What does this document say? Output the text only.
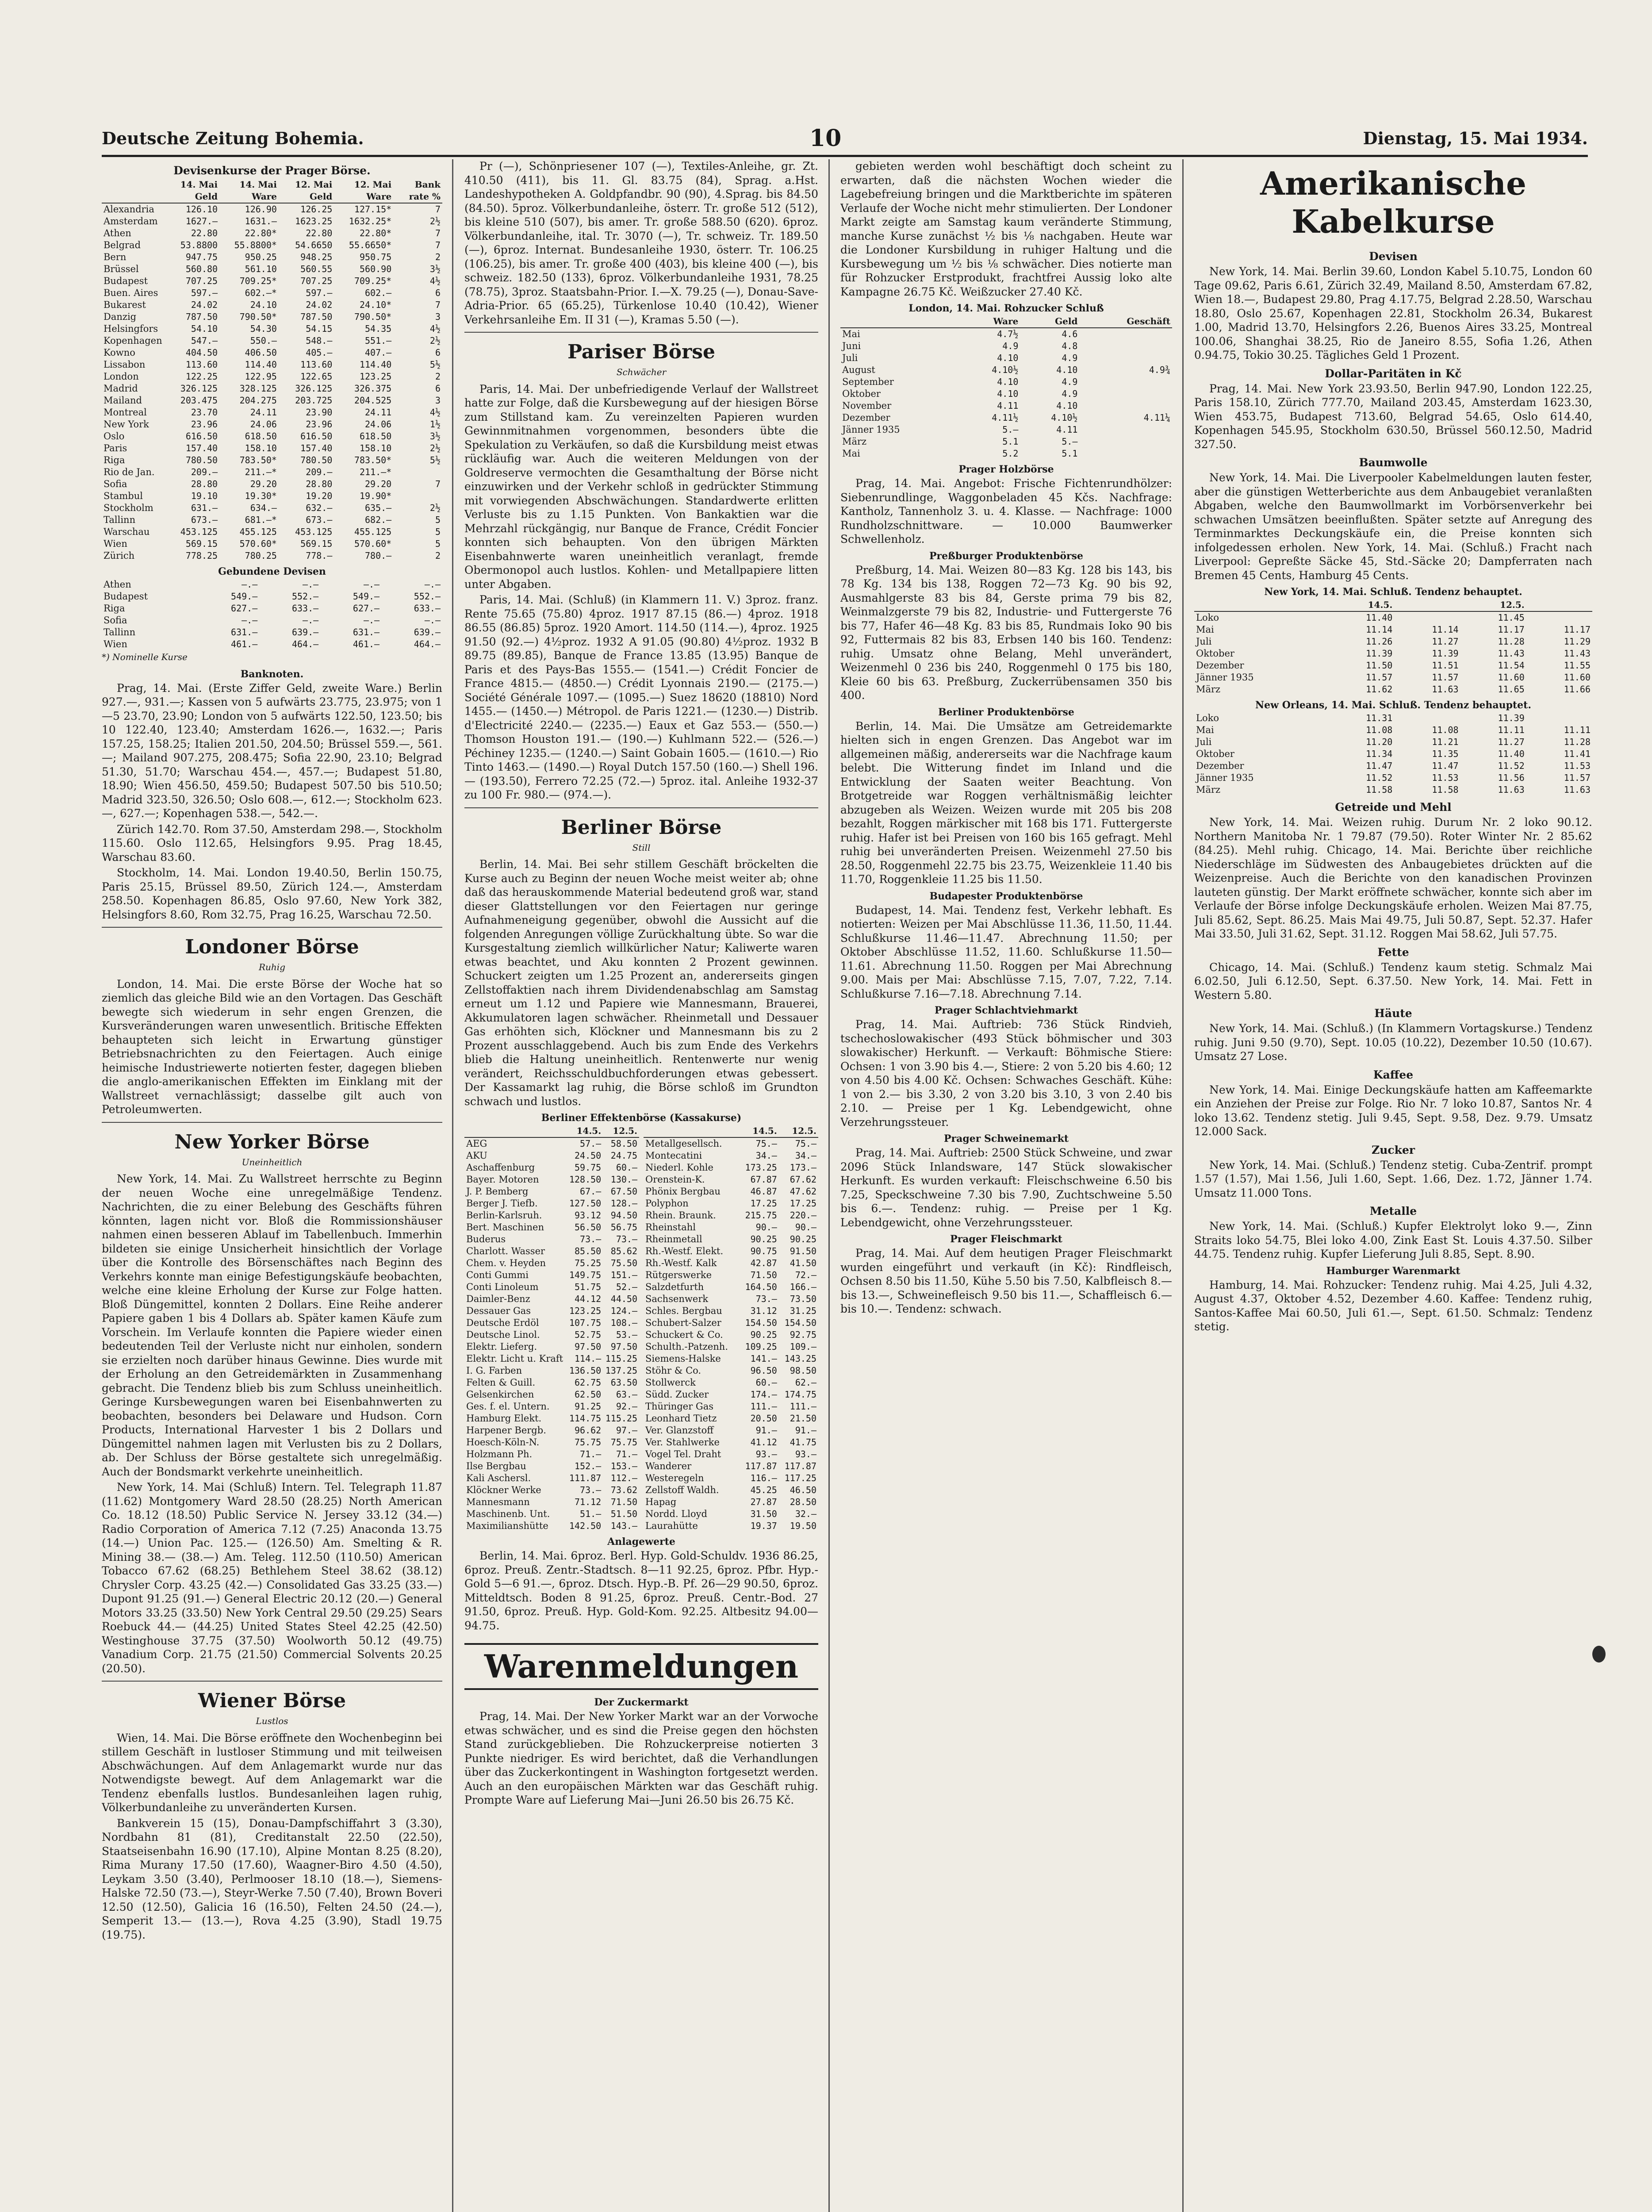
Deutsche Zeitung Bohemia.	10	Dienstag, 15. Mai 1934.
Devisenkurse der Prager Börse.
	14. Mai Geld	14. Mai Ware	12. Mai Geld	12. Mai Ware	Bank rate %
Alexandria	126.10	126.90	126.25	127.15*	7
Amsterdam	1627.—	1631.—	1623.25	1632.25*	2½
Athen	22.80	22.80*	22.80	22.80*	7
Belgrad	53.8800	55.8800*	54.6650	55.6650*	7
Bern	947.75	950.25	948.25	950.75	2
Brüssel	560.80	561.10	560.55	560.90	3½
Budapest	707.25	709.25*	707.25	709.25*	4½
Buen. Aires	597.—	602.—*	597.—	602.—	6
Bukarest	24.02	24.10	24.02	24.10*	7
Danzig	787.50	790.50*	787.50	790.50*	3
Helsingfors	54.10	54.30	54.15	54.35	4½
Kopenhagen	547.—	550.—	548.—	551.—	2½
Kowno	404.50	406.50	405.—	407.—	6
Lissabon	113.60	114.40	113.60	114.40	5½
London	122.25	122.95	122.65	123.25	2
Madrid	326.125	328.125	326.125	326.375	6
Mailand	203.475	204.275	203.725	204.525	3
Montreal	23.70	24.11	23.90	24.11	4½
New York	23.96	24.06	23.96	24.06	1½
Oslo	616.50	618.50	616.50	618.50	3½
Paris	157.40	158.10	157.40	158.10	2½
Riga	780.50	783.50*	780.50	783.50*	5½
Rio de Jan.	209.—	211.—*	209.—	211.—*	
Sofia	28.80	29.20	28.80	29.20	7
Stambul	19.10	19.30*	19.20	19.90*	
Stockholm	631.—	634.—	632.—	635.—	2½
Tallinn	673.—	681.—*	673.—	682.—	5
Warschau	453.125	455.125	453.125	455.125	5
Wien	569.15	570.60*	569.15	570.60*	5
Zürich	778.25	780.25	778.—	780.—	2
Gebundene Devisen
Athen	—.—	—.—	—.—	—.—
Budapest	549.—	552.—	549.—	552.—
Riga	627.—	633.—	627.—	633.—
Sofia	—.—	—.—	—.—	—.—
Tallinn	631.—	639.—	631.—	639.—
Wien	461.—	464.—	461.—	464.—
*) Nominelle Kurse
Banknoten.
Prag, 14. Mai. (Erste Ziffer Geld, zweite Ware.) Berlin 927.—, 931.—; Kassen von 5 aufwärts 23.775, 23.975; von 1—5 23.70, 23.90; London von 5 aufwärts 122.50, 123.50; bis 10 122.40, 123.40; Amsterdam 1626.—, 1632.—; Paris 157.25, 158.25; Italien 201.50, 204.50; Brüssel 559.—, 561.—; Mailand 907.275, 208.475; Sofia 22.90, 23.10; Belgrad 51.30, 51.70; Warschau 454.—, 457.—; Budapest 51.80, 18.90; Wien 456.50, 459.50; Budapest 507.50 bis 510.50; Madrid 323.50, 326.50; Oslo 608.—, 612.—; Stockholm 623.—, 627.—; Kopenhagen 538.—, 542.—.
Zürich 142.70. Rom 37.50, Amsterdam 298.—, Stockholm 115.60. Oslo 112.65, Helsingfors 9.95. Prag 18.45, Warschau 83.60.
Stockholm, 14. Mai. London 19.40.50, Berlin 150.75, Paris 25.15, Brüssel 89.50, Zürich 124.—, Amsterdam 258.50. Kopenhagen 86.85, Oslo 97.60, New York 382, Helsingfors 8.60, Rom 32.75, Prag 16.25, Warschau 72.50.
Londoner Börse
Ruhig
London, 14. Mai. Die erste Börse der Woche hat so ziemlich das gleiche Bild wie an den Vortagen. Das Geschäft bewegte sich wiederum in sehr engen Grenzen, die Kursveränderungen waren unwesentlich. Britische Effekten behaupteten sich leicht in Erwartung günstiger Betriebsnachrichten zu den Feiertagen. Auch einige heimische Industriewerte notierten fester, dagegen blieben die anglo-amerikanischen Effekten im Einklang mit der Wallstreet vernachlässigt; dasselbe gilt auch von Petroleumwerten.
New Yorker Börse
Uneinheitlich
New York, 14. Mai. Zu Wallstreet herrschte zu Beginn der neuen Woche eine unregelmäßige Tendenz. Nachrichten, die zu einer Belebung des Geschäfts führen könnten, lagen nicht vor. Bloß die Rommissionshäuser nahmen einen besseren Ablauf im Tabellenbuch. Immerhin bildeten sie einige Unsicherheit hinsichtlich der Vorlage über die Kontrolle des Börsenschäftes nach Beginn des Verkehrs konnte man einige Befestigungskäufe beobachten, welche eine kleine Erholung der Kurse zur Folge hatten. Bloß Düngemittel, konnten 2 Dollars. Eine Reihe anderer Papiere gaben 1 bis 4 Dollars ab. Später kamen Käufe zum Vorschein. Im Verlaufe konnten die Papiere wieder einen bedeutenden Teil der Verluste nicht nur einholen, sondern sie erzielten noch darüber hinaus Gewinne. Dies wurde mit der Erholung an den Getreidemärkten in Zusammenhang gebracht. Die Tendenz blieb bis zum Schluss uneinheitlich. Geringe Kursbewegungen waren bei Eisenbahnwerten zu beobachten, besonders bei Delaware und Hudson. Corn Products, International Harvester 1 bis 2 Dollars und Düngemittel nahmen lagen mit Verlusten bis zu 2 Dollars, ab. Der Schluss der Börse gestaltete sich unregelmäßig. Auch der Bondsmarkt verkehrte uneinheitlich.
New York, 14. Mai (Schluß) Intern. Tel. Telegraph 11.87 (11.62) Montgomery Ward 28.50 (28.25) North American Co. 18.12 (18.50) Public Service N. Jersey 33.12 (34.—) Radio Corporation of America 7.12 (7.25) Anaconda 13.75 (14.—) Union Pac. 125.— (126.50) Am. Smelting & R. Mining 38.— (38.—) Am. Teleg. 112.50 (110.50) American Tobacco 67.62 (68.25) Bethlehem Steel 38.62 (38.12) Chrysler Corp. 43.25 (42.—) Consolidated Gas 33.25 (33.—) Dupont 91.25 (91.—) General Electric 20.12 (20.—) General Motors 33.25 (33.50) New York Central 29.50 (29.25) Sears Roebuck 44.— (44.25) United States Steel 42.25 (42.50) Westinghouse 37.75 (37.50) Woolworth 50.12 (49.75) Vanadium Corp. 21.75 (21.50) Commercial Solvents 20.25 (20.50).
Wiener Börse
Lustlos
Wien, 14. Mai. Die Börse eröffnete den Wochenbeginn bei stillem Geschäft in lustloser Stimmung und mit teilweisen Abschwächungen. Auf dem Anlagemarkt wurde nur das Notwendigste bewegt. Auf dem Anlagemarkt war die Tendenz ebenfalls lustlos. Bundesanleihen lagen ruhig, Völkerbundanleihe zu unveränderten Kursen.
Bankverein 15 (15), Donau-Dampfschiffahrt 3 (3.30), Nordbahn 81 (81), Creditanstalt 22.50 (22.50), Staatseisenbahn 16.90 (17.10), Alpine Montan 8.25 (8.20), Rima Murany 17.50 (17.60), Waagner-Biro 4.50 (4.50), Leykam 3.50 (3.40), Perlmooser 18.10 (18.—), Siemens-Halske 72.50 (73.—), Steyr-Werke 7.50 (7.40), Brown Boveri 12.50 (12.50), Galicia 16 (16.50), Felten 24.50 (24.—), Semperit 13.— (13.—), Rova 4.25 (3.90), Stadl 19.75 (19.75).
Pr (—), Schönpriesener 107 (—), Textiles-Anleihe, gr. Zt. 410.50 (411), bis 11. Gl. 83.75 (84), Sprag. a.Hst. Landeshypotheken A. Goldpfandbr. 90 (90), 4.Sprag. bis 84.50 (84.50). 5proz. Völkerbundanleihe, österr. Tr. große 512 (512), bis kleine 510 (507), bis amer. Tr. große 588.50 (620). 6proz. Völkerbundanleihe, ital. Tr. 3070 (—), Tr. schweiz. Tr. 189.50 (—), 6proz. Internat. Bundesanleihe 1930, österr. Tr. 106.25 (106.25), bis amer. Tr. große 400 (403), bis kleine 400 (—), bis schweiz. 182.50 (133), 6proz. Völkerbundanleihe 1931, 78.25 (78.75), 3proz. Staatsbahn-Prior. I.—X. 79.25 (—), Donau-Save-Adria-Prior. 65 (65.25), Türkenlose 10.40 (10.42), Wiener Verkehrsanleihe Em. II 31 (—), Kramas 5.50 (—).
Pariser Börse
Schwächer
Paris, 14. Mai. Der unbefriedigende Verlauf der Wallstreet hatte zur Folge, daß die Kursbewegung auf der hiesigen Börse zum Stillstand kam. Zu vereinzelten Papieren wurden Gewinnmitnahmen vorgenommen, besonders übte die Spekulation zu Verkäufen, so daß die Kursbildung meist etwas rückläufig war. Auch die weiteren Meldungen von der Goldreserve vermochten die Gesamthaltung der Börse nicht einzuwirken und der Verkehr schloß in gedrückter Stimmung mit vorwiegenden Abschwächungen. Standardwerte erlitten Verluste bis zu 1.15 Punkten. Von Bankaktien war die Mehrzahl rückgängig, nur Banque de France, Crédit Foncier konnten sich behaupten. Von den übrigen Märkten Eisenbahnwerte waren uneinheitlich veranlagt, fremde Obermonopol auch lustlos. Kohlen- und Metallpapiere litten unter Abgaben.
Paris, 14. Mai. (Schluß) (in Klammern 11. V.) 3proz. franz. Rente 75.65 (75.80) 4proz. 1917 87.15 (86.—) 4proz. 1918 86.55 (86.85) 5proz. 1920 Amort. 114.50 (114.—), 4proz. 1925 91.50 (92.—) 4½proz. 1932 A 91.05 (90.80) 4½proz. 1932 B 89.75 (89.85), Banque de France 13.85 (13.95) Banque de Paris et des Pays-Bas 1555.— (1541.—) Crédit Foncier de France 4815.— (4850.—) Crédit Lyonnais 2190.— (2175.—) Société Générale 1097.— (1095.—) Suez 18620 (18810) Nord 1455.— (1450.—) Métropol. de Paris 1221.— (1230.—) Distrib. d'Electricité 2240.— (2235.—) Eaux et Gaz 553.— (550.—) Thomson Houston 191.— (190.—) Kuhlmann 522.— (526.—) Péchiney 1235.— (1240.—) Saint Gobain 1605.— (1610.—) Rio Tinto 1463.— (1490.—) Royal Dutch 157.50 (160.—) Shell 196.— (193.50), Ferrero 72.25 (72.—) 5proz. ital. Anleihe 1932-37 zu 100 Fr. 980.— (974.—).
Berliner Börse
Still
Berlin, 14. Mai. Bei sehr stillem Geschäft bröckelten die Kurse auch zu Beginn der neuen Woche meist weiter ab; ohne daß das herauskommende Material bedeutend groß war, stand dieser Glattstellungen vor den Feiertagen nur geringe Aufnahmeneigung gegenüber, obwohl die Aussicht auf die folgenden Anregungen völlige Zurückhaltung übte. So war die Kursgestaltung ziemlich willkürlicher Natur; Kaliwerte waren etwas beachtet, und Aku konnten 2 Prozent gewinnen. Schuckert zeigten um 1.25 Prozent an, andererseits gingen Zellstoffaktien nach ihrem Dividendenabschlag am Samstag erneut um 1.12 und Papiere wie Mannesmann, Brauerei, Akkumulatoren lagen schwächer. Rheinmetall und Dessauer Gas erhöhten sich, Klöckner und Mannesmann bis zu 2 Prozent ausschlaggebend. Auch bis zum Ende des Verkehrs blieb die Haltung uneinheitlich. Rentenwerte nur wenig verändert, Reichsschuldbuchforderungen etwas gebessert. Der Kassamarkt lag ruhig, die Börse schloß im Grundton schwach und lustlos.
Berliner Effektenbörse (Kassakurse)
	14.5.	12.5.
AEG	57.—	58.50
AKU	24.50	24.75
Aschaffenburg	59.75	60.—
Bayer. Motoren	128.50	130.—
J. P. Bemberg	67.—	67.50
Berger J. Tiefb.	127.50	128.—
Berlin-Karlsruh.	93.12	94.50
Bert. Maschinen	56.50	56.75
Buderus	73.—	73.—
Charlott. Wasser	85.50	85.62
Chem. v. Heyden	75.25	75.50
Conti Gummi	149.75	151.—
Conti Linoleum	51.75	52.—
Daimler-Benz	44.12	44.50
Dessauer Gas	123.25	124.—
Deutsche Erdöl	107.75	108.—
Deutsche Linol.	52.75	53.—
Elektr. Lieferg.	97.50	97.50
Elektr. Licht u. Kraft	114.—	115.25
I. G. Farben	136.50	137.25
Felten & Guill.	62.75	63.50
Gelsenkirchen	62.50	63.—
Ges. f. el. Untern.	91.25	92.—
Hamburg Elekt.	114.75	115.25
Harpener Bergb.	96.62	97.—
Hoesch-Köln-N.	75.75	75.75
Holzmann Ph.	71.—	71.—
Ilse Bergbau	152.—	153.—
Kali Aschersl.	111.87	112.—
Klöckner Werke	73.—	73.62
Mannesmann	71.12	71.50
Maschinenb. Unt.	51.—	51.50
Maximilianshütte	142.50	143.—
	14.5.	12.5.
Metallgesellsch.	75.—	75.—
Montecatini	34.—	34.—
Niederl. Kohle	173.25	173.—
Orenstein-K.	67.87	67.62
Phönix Bergbau	46.87	47.62
Polyphon	17.25	17.25
Rhein. Braunk.	215.75	220.—
Rheinstahl	90.—	90.—
Rheinmetall	90.25	90.25
Rh.-Westf. Elekt.	90.75	91.50
Rh.-Westf. Kalk	42.87	41.50
Rütgerswerke	71.50	72.—
Salzdetfurth	164.50	166.—
Sachsenwerk	73.—	73.50
Schles. Bergbau	31.12	31.25
Schubert-Salzer	154.50	154.50
Schuckert & Co.	90.25	92.75
Schulth.-Patzenh.	109.25	109.—
Siemens-Halske	141.—	143.25
Stöhr & Co.	96.50	98.50
Stollwerck	60.—	62.—
Südd. Zucker	174.—	174.75
Thüringer Gas	111.—	111.—
Leonhard Tietz	20.50	21.50
Ver. Glanzstoff	91.—	91.—
Ver. Stahlwerke	41.12	41.75
Vogel Tel. Draht	93.—	93.—
Wanderer	117.87	117.87
Westeregeln	116.—	117.25
Zellstoff Waldh.	45.25	46.50
Hapag	27.87	28.50
Nordd. Lloyd	31.50	32.—
Laurahütte	19.37	19.50
Anlagewerte
Berlin, 14. Mai. 6proz. Berl. Hyp. Gold-Schuldv. 1936 86.25, 6proz. Preuß. Zentr.-Stadtsch. 8—11 92.25, 6proz. Pfbr. Hyp.-Gold 5—6 91.—, 6proz. Dtsch. Hyp.-B. Pf. 26—29 90.50, 6proz. Mitteldtsch. Boden 8 91.25, 6proz. Preuß. Centr.-Bod. 27 91.50, 6proz. Preuß. Hyp. Gold-Kom. 92.25. Altbesitz 94.00—94.75.
Warenmeldungen
Der Zuckermarkt
Prag, 14. Mai. Der New Yorker Markt war an der Vorwoche etwas schwächer, und es sind die Preise gegen den höchsten Stand zurückgeblieben. Die Rohzuckerpreise notierten 3 Punkte niedriger. Es wird berichtet, daß die Verhandlungen über das Zuckerkontingent in Washington fortgesetzt werden. Auch an den europäischen Märkten war das Geschäft ruhig. Prompte Ware auf Lieferung Mai—Juni 26.50 bis 26.75 Kč.
gebieten werden wohl beschäftigt doch scheint zu erwarten, daß die nächsten Wochen wieder die Lagebefreiung bringen und die Marktberichte im späteren Verlaufe der Woche nicht mehr stimulierten. Der Londoner Markt zeigte am Samstag kaum veränderte Stimmung, manche Kurse zunächst ½ bis ⅛ nachgaben. Heute war die Londoner Kursbildung in ruhiger Haltung und die Kursbewegung um ½ bis ⅛ schwächer. Dies notierte man für Rohzucker Erstprodukt, frachtfrei Aussig loko alte Kampagne 26.75 Kč. Weißzucker 27.40 Kč.
London, 14. Mai. Rohzucker Schluß
	Ware	Geld	Geschäft
Mai	4.7½	4.6	
Juni	4.9	4.8	
Juli	4.10	4.9	
August	4.10½	4.10	4.9¾
September	4.10	4.9	
Oktober	4.10	4.9	
November	4.11	4.10	
Dezember	4.11½	4.10½	4.11¼
Jänner 1935	5.—	4.11	
März	5.1	5.—	
Mai	5.2	5.1	
Prager Holzbörse
Prag, 14. Mai. Angebot: Frische Fichtenrundhölzer: Siebenrundlinge, Waggonbeladen 45 Kčs. Nachfrage: Kantholz, Tannenholz 3. u. 4. Klasse. — Nachfrage: 1000 Rundholzschnittware. — 10.000 Baumwerker Schwellenholz.
Preßburger Produktenbörse
Preßburg, 14. Mai. Weizen 80—83 Kg. 128 bis 143, bis 78 Kg. 134 bis 138, Roggen 72—73 Kg. 90 bis 92, Ausmahlgerste 83 bis 84, Gerste prima 79 bis 82, Weinmalzgerste 79 bis 82, Industrie- und Futtergerste 76 bis 77, Hafer 46—48 Kg. 83 bis 85, Rundmais Ioko 90 bis 92, Futtermais 82 bis 83, Erbsen 140 bis 160. Tendenz: ruhig. Umsatz ohne Belang, Mehl unverändert, Weizenmehl 0 236 bis 240, Roggenmehl 0 175 bis 180, Kleie 60 bis 63. Preßburg, Zuckerrübensamen 350 bis 400.
Berliner Produktenbörse
Berlin, 14. Mai. Die Umsätze am Getreidemarkte hielten sich in engen Grenzen. Das Angebot war im allgemeinen mäßig, andererseits war die Nachfrage kaum belebt. Die Witterung findet im Inland und die Entwicklung der Saaten weiter Beachtung. Von Brotgetreide war Roggen verhältnismäßig leichter abzugeben als Weizen. Weizen wurde mit 205 bis 208 bezahlt, Roggen märkischer mit 168 bis 171. Futtergerste ruhig. Hafer ist bei Preisen von 160 bis 165 gefragt. Mehl ruhig bei unveränderten Preisen. Weizenmehl 27.50 bis 28.50, Roggenmehl 22.75 bis 23.75, Weizenkleie 11.40 bis 11.70, Roggenkleie 11.25 bis 11.50.
Budapester Produktenbörse
Budapest, 14. Mai. Tendenz fest, Verkehr lebhaft. Es notierten: Weizen per Mai Abschlüsse 11.36, 11.50, 11.44. Schlußkurse 11.46—11.47. Abrechnung 11.50; per Oktober Abschlüsse 11.52, 11.60. Schlußkurse 11.50—11.61. Abrechnung 11.50. Roggen per Mai Abrechnung 9.00. Mais per Mai: Abschlüsse 7.15, 7.07, 7.22, 7.14. Schlußkurse 7.16—7.18. Abrechnung 7.14.
Prager Schlachtviehmarkt
Prag, 14. Mai. Auftrieb: 736 Stück Rindvieh, tschechoslowakischer (493 Stück böhmischer und 303 slowakischer) Herkunft. — Verkauft: Böhmische Stiere: Ochsen: 1 von 3.90 bis 4.—, Stiere: 2 von 5.20 bis 4.60; 12 von 4.50 bis 4.00 Kč. Ochsen: Schwaches Geschäft. Kühe: 1 von 2.— bis 3.30, 2 von 3.20 bis 3.10, 3 von 2.40 bis 2.10. — Preise per 1 Kg. Lebendgewicht, ohne Verzehrungssteuer.
Prager Schweinemarkt
Prag, 14. Mai. Auftrieb: 2500 Stück Schweine, und zwar 2096 Stück Inlandsware, 147 Stück slowakischer Herkunft. Es wurden verkauft: Fleischschweine 6.50 bis 7.25, Speckschweine 7.30 bis 7.90, Zuchtschweine 5.50 bis 6.—. Tendenz: ruhig. — Preise per 1 Kg. Lebendgewicht, ohne Verzehrungssteuer.
Prager Fleischmarkt
Prag, 14. Mai. Auf dem heutigen Prager Fleischmarkt wurden eingeführt und verkauft (in Kč): Rindfleisch, Ochsen 8.50 bis 11.50, Kühe 5.50 bis 7.50, Kalbfleisch 8.— bis 13.—, Schweinefleisch 9.50 bis 11.—, Schaffleisch 6.— bis 10.—. Tendenz: schwach.
Amerikanische Kabelkurse
Devisen
New York, 14. Mai. Berlin 39.60, London Kabel 5.10.75, London 60 Tage 09.62, Paris 6.61, Zürich 32.49, Mailand 8.50, Amsterdam 67.82, Wien 18.—, Budapest 29.80, Prag 4.17.75, Belgrad 2.28.50, Warschau 18.80, Oslo 25.67, Kopenhagen 22.81, Stockholm 26.34, Bukarest 1.00, Madrid 13.70, Helsingfors 2.26, Buenos Aires 33.25, Montreal 100.06, Shanghai 38.25, Rio de Janeiro 8.55, Sofia 1.26, Athen 0.94.75, Tokio 30.25. Tägliches Geld 1 Prozent.
Dollar-Paritäten in Kč
Prag, 14. Mai. New York 23.93.50, Berlin 947.90, London 122.25, Paris 158.10, Zürich 777.70, Mailand 203.45, Amsterdam 1623.30, Wien 453.75, Budapest 713.60, Belgrad 54.65, Oslo 614.40, Kopenhagen 545.95, Stockholm 630.50, Brüssel 560.12.50, Madrid 327.50.
Baumwolle
New York, 14. Mai. Die Liverpooler Kabelmeldungen lauten fester, aber die günstigen Wetterberichte aus dem Anbaugebiet veranlaßten Abgaben, welche den Baumwollmarkt im Vorbörsenverkehr bei schwachen Umsätzen beeinflußten. Später setzte auf Anregung des Terminmarktes Deckungskäufe ein, die Preise konnten sich infolgedessen erholen. New York, 14. Mai. (Schluß.) Fracht nach Liverpool: Gepreßte Säcke 45, Std.-Säcke 20; Dampferraten nach Bremen 45 Cents, Hamburg 45 Cents.
New York, 14. Mai. Schluß. Tendenz behauptet.
	14.5.		12.5.	
Loko	11.40		11.45	
Mai	11.14	11.14	11.17	11.17
Juli	11.26	11.27	11.28	11.29
Oktober	11.39	11.39	11.43	11.43
Dezember	11.50	11.51	11.54	11.55
Jänner 1935	11.57	11.57	11.60	11.60
März	11.62	11.63	11.65	11.66
New Orleans, 14. Mai. Schluß. Tendenz behauptet.
Loko	11.31		11.39	
Mai	11.08	11.08	11.11	11.11
Juli	11.20	11.21	11.27	11.28
Oktober	11.34	11.35	11.40	11.41
Dezember	11.47	11.47	11.52	11.53
Jänner 1935	11.52	11.53	11.56	11.57
März	11.58	11.58	11.63	11.63
Getreide und Mehl
New York, 14. Mai. Weizen ruhig. Durum Nr. 2 loko 90.12. Northern Manitoba Nr. 1 79.87 (79.50). Roter Winter Nr. 2 85.62 (84.25). Mehl ruhig. Chicago, 14. Mai. Berichte über reichliche Niederschläge im Südwesten des Anbaugebietes drückten auf die Weizenpreise. Auch die Berichte von den kanadischen Provinzen lauteten günstig. Der Markt eröffnete schwächer, konnte sich aber im Verlaufe der Börse infolge Deckungskäufe erholen. Weizen Mai 87.75, Juli 85.62, Sept. 86.25. Mais Mai 49.75, Juli 50.87, Sept. 52.37. Hafer Mai 33.50, Juli 31.62, Sept. 31.12. Roggen Mai 58.62, Juli 57.75.
Fette
Chicago, 14. Mai. (Schluß.) Tendenz kaum stetig. Schmalz Mai 6.02.50, Juli 6.12.50, Sept. 6.37.50. New York, 14. Mai. Fett in Western 5.80.
Häute
New York, 14. Mai. (Schluß.) (In Klammern Vortagskurse.) Tendenz ruhig. Juni 9.50 (9.70), Sept. 10.05 (10.22), Dezember 10.50 (10.67). Umsatz 27 Lose.
Kaffee
New York, 14. Mai. Einige Deckungskäufe hatten am Kaffeemarkte ein Anziehen der Preise zur Folge. Rio Nr. 7 loko 10.87, Santos Nr. 4 loko 13.62. Tendenz stetig. Juli 9.45, Sept. 9.58, Dez. 9.79. Umsatz 12.000 Sack.
Zucker
New York, 14. Mai. (Schluß.) Tendenz stetig. Cuba-Zentrif. prompt 1.57 (1.57), Mai 1.56, Juli 1.60, Sept. 1.66, Dez. 1.72, Jänner 1.74. Umsatz 11.000 Tons.
Metalle
New York, 14. Mai. (Schluß.) Kupfer Elektrolyt loko 9.—, Zinn Straits loko 54.75, Blei loko 4.00, Zink East St. Louis 4.37.50. Silber 44.75. Tendenz ruhig. Kupfer Lieferung Juli 8.85, Sept. 8.90.
Hamburger Warenmarkt
Hamburg, 14. Mai. Rohzucker: Tendenz ruhig. Mai 4.25, Juli 4.32, August 4.37, Oktober 4.52, Dezember 4.60. Kaffee: Tendenz ruhig, Santos-Kaffee Mai 60.50, Juli 61.—, Sept. 61.50. Schmalz: Tendenz stetig.
